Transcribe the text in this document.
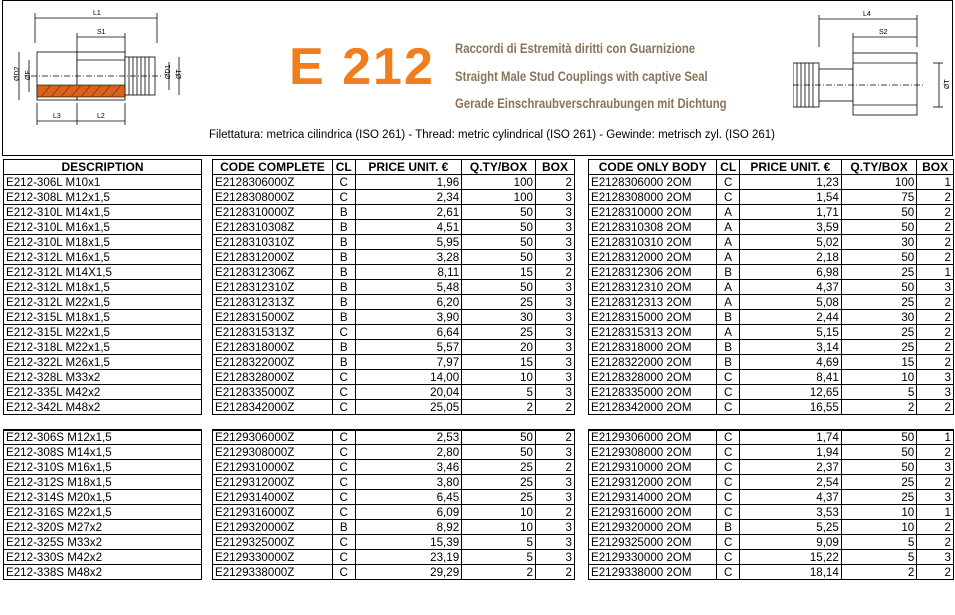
L1
S1
ØD2 ØF	ØD1 ØT
L3	L2
E 212 Raccordi di Estremità diritti con Guarnizione
Straight Male Stud Couplings with captive Seal
Gerade Einschraubverschraubungen mit Dichtung
Filettatura: metrica cilindrica (ISO 261) - Thread: metric cylindrical (ISO 261) - Gewinde: metrisch zyl. (ISO 261)
L4
S2
ØT
DESCRIPTION
E212-306L M10x1
E212-308L M12x1,5
E212-310L M14x1,5
E212-310L M16x1,5
E212-310L M18x1,5
E212-312L M16x1,5
E212-312L M14X1,5
E212-312L M18x1,5
E212-312L M22x1,5
E212-315L M18x1,5
E212-315L M22x1,5
E212-318L M22x1,5
E212-322L M26x1,5
E212-328L M33x2
E212-335L M42x2
E212-342L M48x2

E212-306S M12x1,5
E212-308S M14x1,5
E212-310S M16x1,5
E212-312S M18x1,5
E212-314S M20x1,5
E212-316S M22x1,5
E212-320S M27x2
E212-325S M33x2
E212-330S M42x2
E212-338S M48x2
CODE COMPLETE	CL	PRICE UNIT. €	Q.TY/BOX	BOX
E2128306000Z	C	1,96	100	2
E2128308000Z	C	2,34	100	3
E2128310000Z	B	2,61	50	3
E2128310308Z	B	4,51	50	3
E2128310310Z	B	5,95	50	3
E2128312000Z	B	3,28	50	3
E2128312306Z	B	8,11	15	2
E2128312310Z	B	5,48	50	3
E2128312313Z	B	6,20	25	3
E2128315000Z	B	3,90	30	3
E2128315313Z	C	6,64	25	3
E2128318000Z	B	5,57	20	3
E2128322000Z	B	7,97	15	3
E2128328000Z	C	14,00	10	3
E2128335000Z	C	20,04	5	3
E2128342000Z	C	25,05	2	2

E2129306000Z	C	2,53	50	2
E2129308000Z	C	2,80	50	3
E2129310000Z	C	3,46	25	2
E2129312000Z	C	3,80	25	3
E2129314000Z	C	6,45	25	3
E2129316000Z	C	6,09	10	2
E2129320000Z	B	8,92	10	3
E2129325000Z	C	15,39	5	3
E2129330000Z	C	23,19	5	3
E2129338000Z	C	29,29	2	2
CODE ONLY BODY	CL	PRICE UNIT. €	Q.TY/BOX	BOX
E2128306000 2OM	C	1,23	100	1
E2128308000 2OM	C	1,54	75	2
E2128310000 2OM	A	1,71	50	2
E2128310308 2OM	A	3,59	50	2
E2128310310 2OM	A	5,02	30	2
E2128312000 2OM	A	2,18	50	2
E2128312306 2OM	B	6,98	25	1
E2128312310 2OM	A	4,37	50	3
E2128312313 2OM	A	5,08	25	2
E2128315000 2OM	B	2,44	30	2
E2128315313 2OM	A	5,15	25	2
E2128318000 2OM	B	3,14	25	2
E2128322000 2OM	B	4,69	15	2
E2128328000 2OM	C	8,41	10	3
E2128335000 2OM	C	12,65	5	3
E2128342000 2OM	C	16,55	2	2

E2129306000 2OM	C	1,74	50	1
E2129308000 2OM	C	1,94	50	2
E2129310000 2OM	C	2,37	50	3
E2129312000 2OM	C	2,54	25	2
E2129314000 2OM	C	4,37	25	3
E2129316000 2OM	C	3,53	10	1
E2129320000 2OM	B	5,25	10	2
E2129325000 2OM	C	9,09	5	2
E2129330000 2OM	C	15,22	5	3
E2129338000 2OM	C	18,14	2	2
